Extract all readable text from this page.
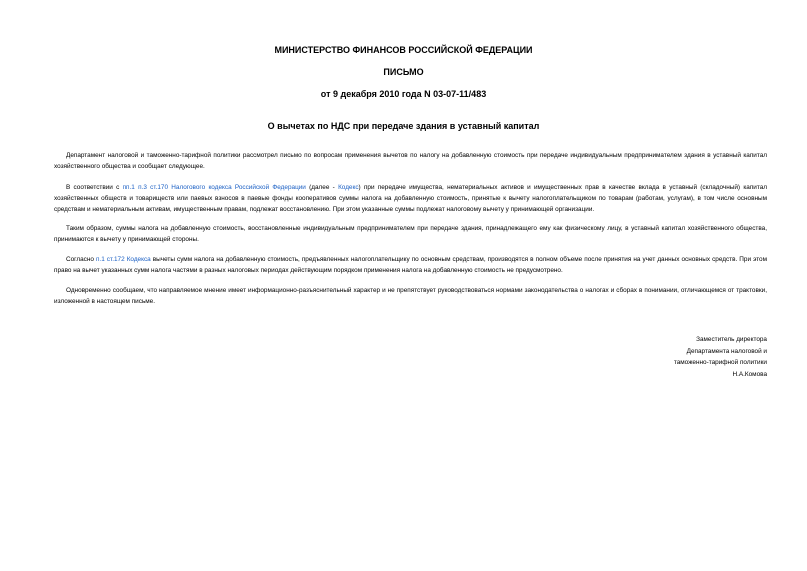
МИНИСТЕРСТВО ФИНАНСОВ РОССИЙСКОЙ ФЕДЕРАЦИИ
ПИСЬМО
от 9 декабря 2010 года N 03-07-11/483
О вычетах по НДС при передаче здания в уставный капитал
Департамент налоговой и таможенно-тарифной политики рассмотрел письмо по вопросам применения вычетов по налогу на добавленную стоимость при передаче индивидуальным предпринимателем здания в уставный капитал хозяйственного общества и сообщает следующее.
В соответствии с пп.1 п.3 ст.170 Налогового кодекса Российской Федерации (далее - Кодекс) при передаче имущества, нематериальных активов и имущественных прав в качестве вклада в уставный (складочный) капитал хозяйственных обществ и товариществ или паевых взносов в паевые фонды кооперативов суммы налога на добавленную стоимость, принятые к вычету налогоплательщиком по товарам (работам, услугам), в том числе основным средствам и нематериальным активам, имущественным правам, подлежат восстановлению. При этом указанные суммы подлежат налоговому вычету у принимающей организации.
Таким образом, суммы налога на добавленную стоимость, восстановленные индивидуальным предпринимателем при передаче здания, принадлежащего ему как физическому лицу, в уставный капитал хозяйственного общества, принимаются к вычету у принимающей стороны.
Согласно п.1 ст.172 Кодекса вычеты сумм налога на добавленную стоимость, предъявленных налогоплательщику по основным средствам, производятся в полном объеме после принятия на учет данных основных средств. При этом право на вычет указанных сумм налога частями в разных налоговых периодах действующим порядком применения налога на добавленную стоимость не предусмотрено.
Одновременно сообщаем, что направляемое мнение имеет информационно-разъяснительный характер и не препятствует руководствоваться нормами законодательства о налогах и сборах в понимании, отличающемся от трактовки, изложенной в настоящем письме.
Заместитель директора
Департамента налоговой и
таможенно-тарифной политики
Н.А.Комова
